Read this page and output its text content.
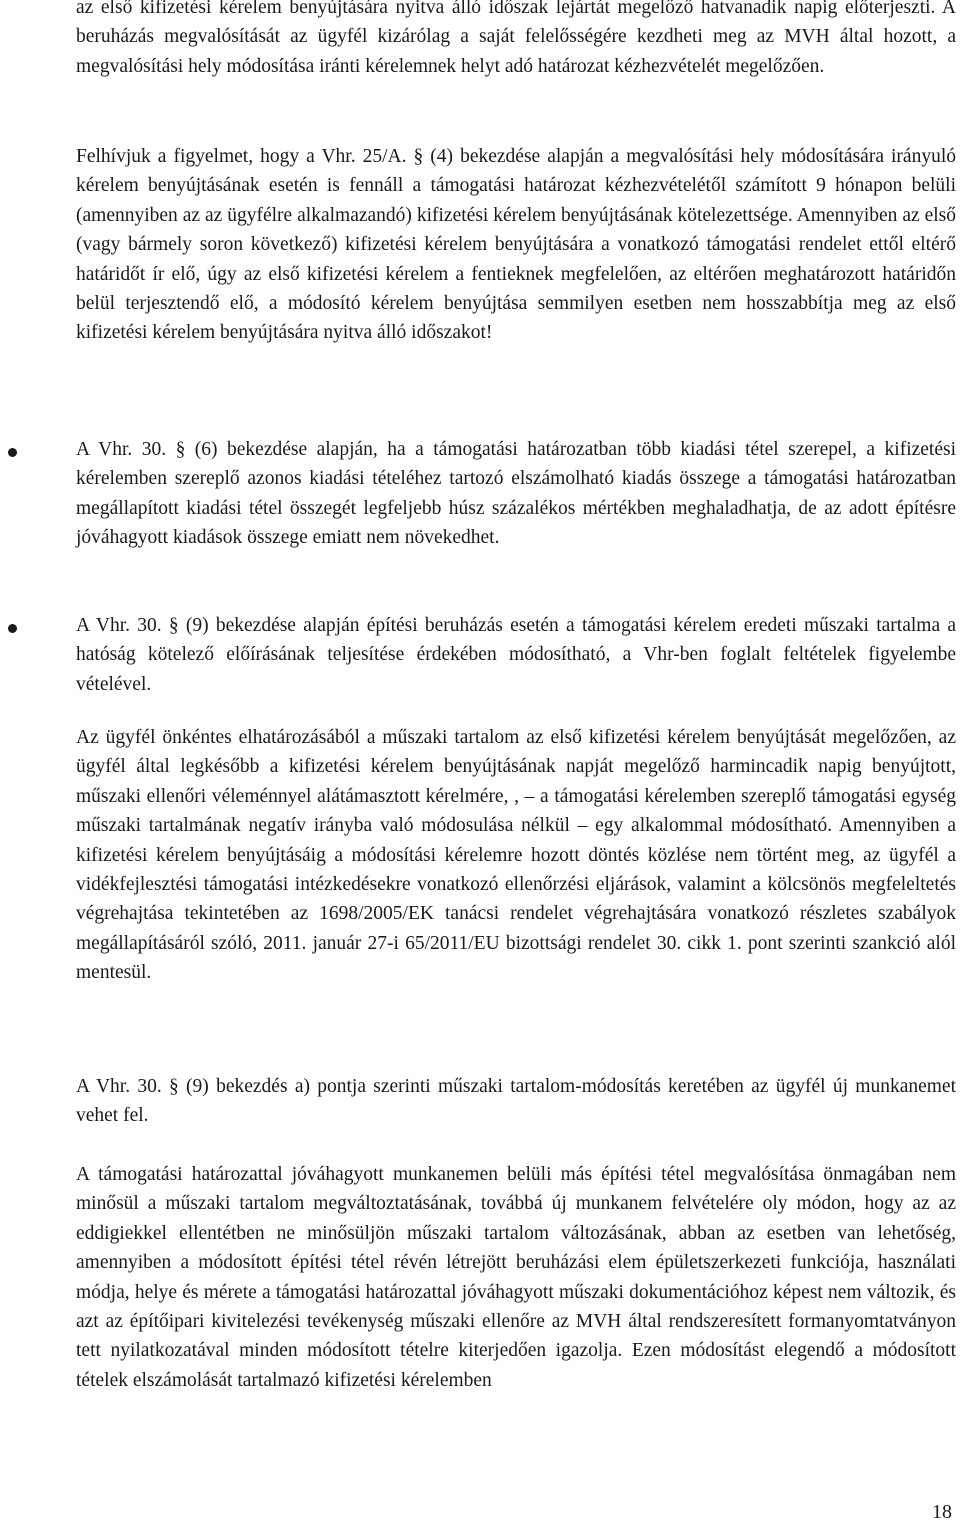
az első kifizetési kérelem benyújtására nyitva álló időszak lejártát megelőző hatvanadik napig előterjeszti. A beruházás megvalósítását az ügyfél kizárólag a saját felelősségére kezdheti meg az MVH által hozott, a megvalósítási hely módosítása iránti kérelemnek helyt adó határozat kézhezvételét megelőzően.

Felhívjuk a figyelmet, hogy a Vhr. 25/A. § (4) bekezdése alapján a megvalósítási hely módosítására irányuló kérelem benyújtásának esetén is fennáll a támogatási határozat kézhezvételétől számított 9 hónapon belüli (amennyiben az az ügyfélre alkalmazandó) kifizetési kérelem benyújtásának kötelezettsége. Amennyiben az első (vagy bármely soron következő) kifizetési kérelem benyújtására a vonatkozó támogatási rendelet ettől eltérő határidőt ír elő, úgy az első kifizetési kérelem a fentieknek megfelelően, az eltérően meghatározott határidőn belül terjesztendő elő, a módosító kérelem benyújtása semmilyen esetben nem hosszabbítja meg az első kifizetési kérelem benyújtására nyitva álló időszakot!

A Vhr. 30. § (6) bekezdése alapján, ha a támogatási határozatban több kiadási tétel szerepel, a kifizetési kérelemben szereplő azonos kiadási tételéhez tartozó elszámolható kiadás összege a támogatási határozatban megállapított kiadási tétel összegét legfeljebb húsz százalékos mértékben meghaladhatja, de az adott építésre jóváhagyott kiadások összege emiatt nem növekedhet.

A Vhr. 30. § (9) bekezdése alapján építési beruházás esetén a támogatási kérelem eredeti műszaki tartalma a hatóság kötelező előírásának teljesítése érdekében módosítható, a Vhr-ben foglalt feltételek figyelembe vételével.

Az ügyfél önkéntes elhatározásából a műszaki tartalom az első kifizetési kérelem benyújtását megelőzően, az ügyfél által legkésőbb a kifizetési kérelem benyújtásának napját megelőző harmincadik napig benyújtott, műszaki ellenőri véleménnyel alátámasztott kérelmére, , – a támogatási kérelemben szereplő támogatási egység műszaki tartalmának negatív irányba való módosulása nélkül – egy alkalommal módosítható. Amennyiben a kifizetési kérelem benyújtásáig a módosítási kérelemre hozott döntés közlése nem történt meg, az ügyfél a vidékfejlesztési támogatási intézkedésekre vonatkozó ellenőrzési eljárások, valamint a kölcsönös megfeleltetés végrehajtása tekintetében az 1698/2005/EK tanácsi rendelet végrehajtására vonatkozó részletes szabályok megállapításáról szóló, 2011. január 27-i 65/2011/EU bizottsági rendelet 30. cikk 1. pont szerinti szankció alól mentesül.

A Vhr. 30. § (9) bekezdés a) pontja szerinti műszaki tartalom-módosítás keretében az ügyfél új munkanemet vehet fel.

A támogatási határozattal jóváhagyott munkanemen belüli más építési tétel megvalósítása önmagában nem minősül a műszaki tartalom megváltoztatásának, továbbá új munkanem felvételére oly módon, hogy az az eddigiekkel ellentétben ne minősüljön műszaki tartalom változásának, abban az esetben van lehetőség, amennyiben a módosított építési tétel révén létrejött beruházási elem épületszerkezeti funkciója, használati módja, helye és mérete a támogatási határozattal jóváhagyott műszaki dokumentációhoz képest nem változik, és azt az építőipari kivitelezési tevékenység műszaki ellenőre az MVH által rendszeresített formanyomtatványon tett nyilatkozatával minden módosított tételre kiterjedően igazolja. Ezen módosítást elegendő a módosított tételek elszámolását tartalmazó kifizetési kérelemben

18
